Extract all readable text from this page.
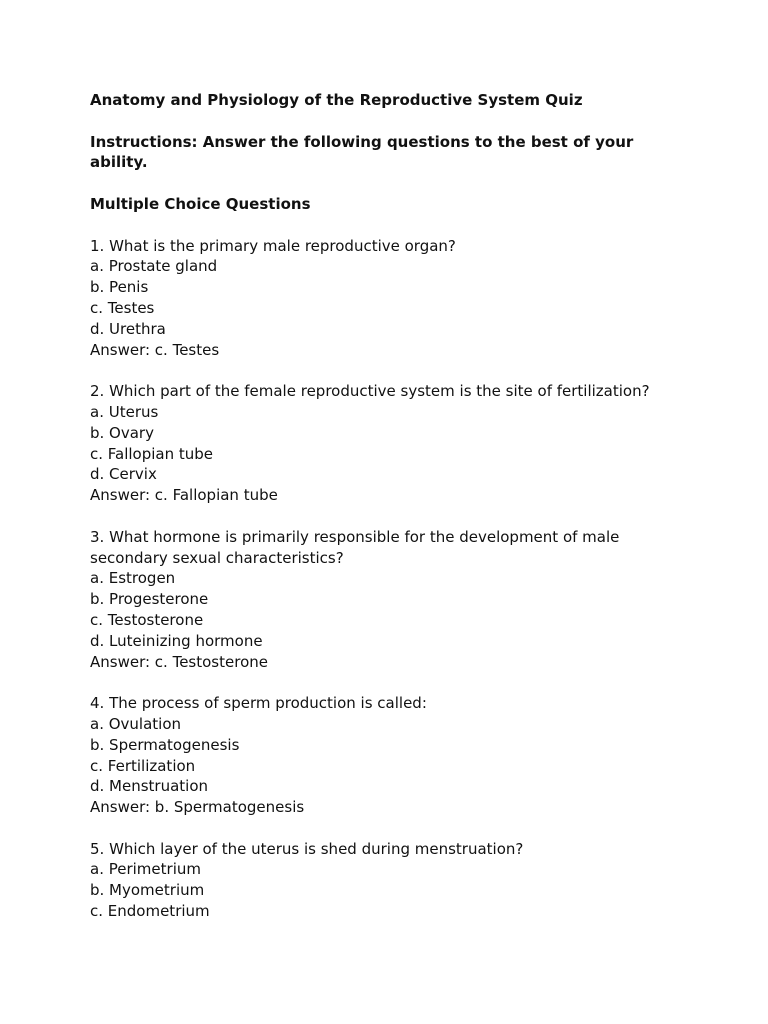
Anatomy and Physiology of the Reproductive System Quiz

Instructions: Answer the following questions to the best of your ability.

Multiple Choice Questions

1. What is the primary male reproductive organ?

a. Prostate gland

b. Penis

c. Testes

d. Urethra

Answer: c. Testes

2. Which part of the female reproductive system is the site of fertilization?

a. Uterus

b. Ovary

c. Fallopian tube

d. Cervix

Answer: c. Fallopian tube

3. What hormone is primarily responsible for the development of male secondary sexual characteristics?

a. Estrogen

b. Progesterone

c. Testosterone

d. Luteinizing hormone

Answer: c. Testosterone

4. The process of sperm production is called:

a. Ovulation

b. Spermatogenesis

c. Fertilization

d. Menstruation

Answer: b. Spermatogenesis

5. Which layer of the uterus is shed during menstruation?

a. Perimetrium

b. Myometrium

c. Endometrium
